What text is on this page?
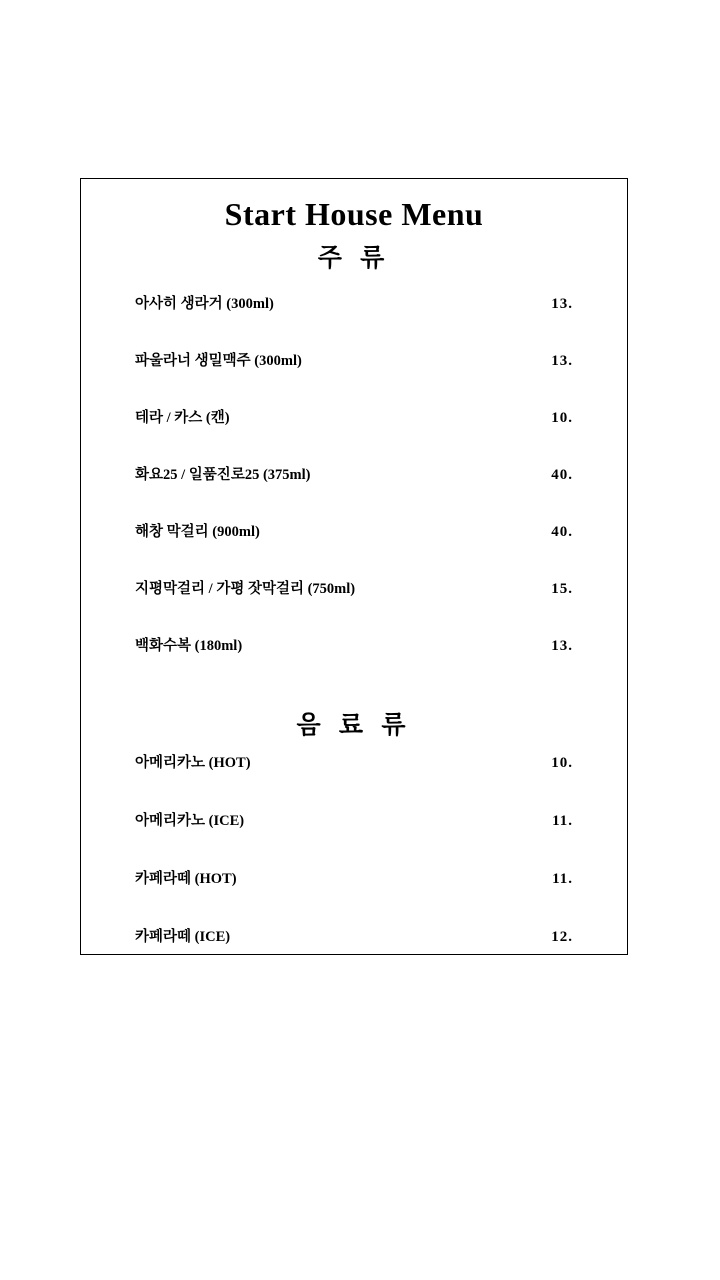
Start House Menu
주 류
아사히 생라거 (300ml)	13.
파울라너 생밀맥주 (300ml)	13.
테라 / 카스 (캔)	10.
화요25 / 일품진로25 (375ml)	40.
해창 막걸리 (900ml)	40.
지평막걸리 / 가평 잣막걸리 (750ml)	15.
백화수복 (180ml)	13.
음 료 류
아메리카노 (HOT)	10.
아메리카노 (ICE)	11.
카페라떼 (HOT)	11.
카페라떼 (ICE)	12.
